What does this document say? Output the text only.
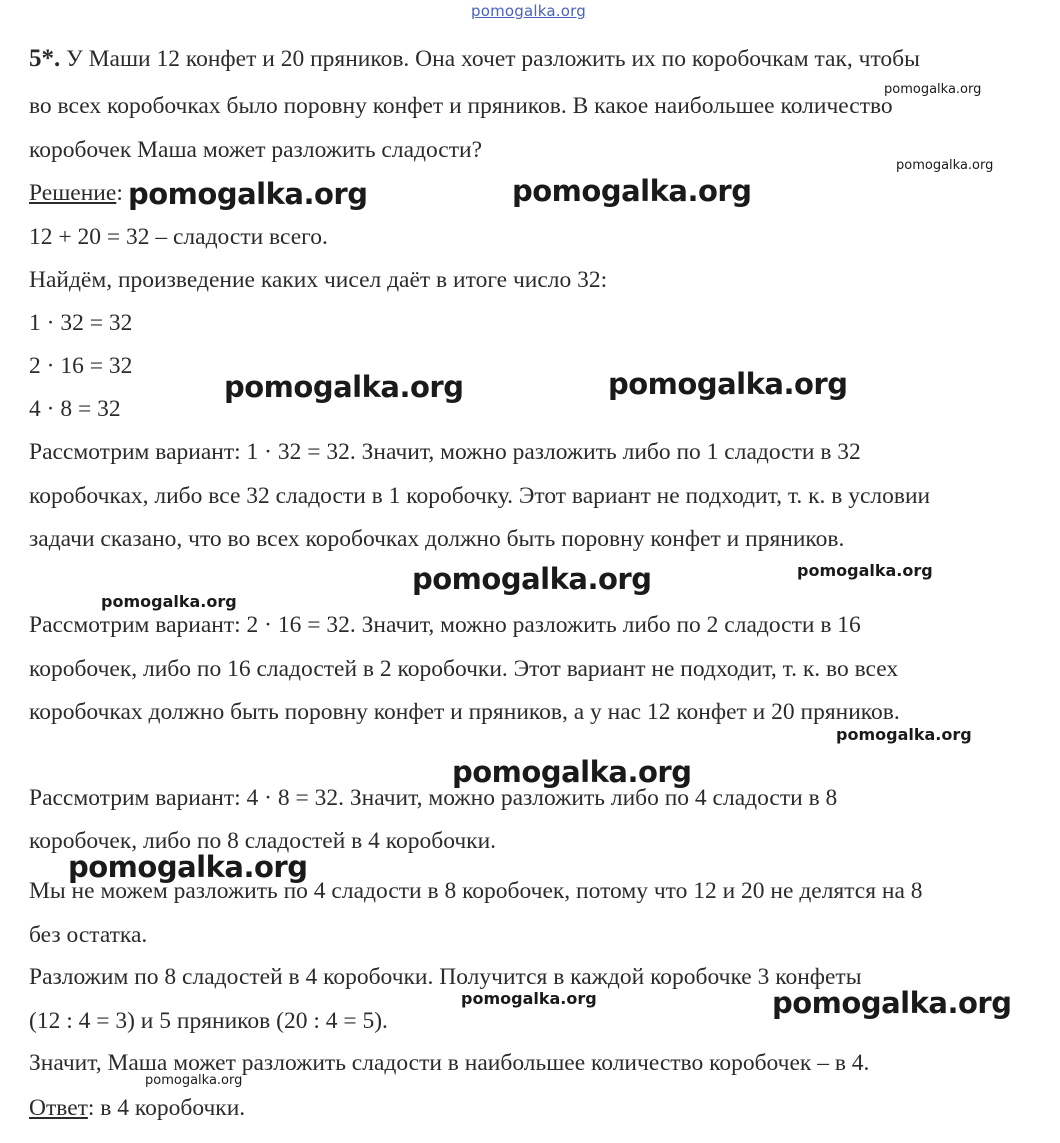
pomogalka.org

5*. У Маши 12 конфет и 20 пряников. Она хочет разложить их по коробочкам так, чтобы

во всех коробочках было поровну конфет и пряников. В какое наибольшее количество

коробочек Маша может разложить сладости?

Решение:

12 + 20 = 32 – сладости всего.

Найдём, произведение каких чисел даёт в итоге число 32:

1 · 32 = 32

2 · 16 = 32

4 · 8 = 32

Рассмотрим вариант: 1 · 32 = 32. Значит, можно разложить либо по 1 сладости в 32

коробочках, либо все 32 сладости в 1 коробочку. Этот вариант не подходит, т. к. в условии

задачи сказано, что во всех коробочках должно быть поровну конфет и пряников.

Рассмотрим вариант: 2 · 16 = 32. Значит, можно разложить либо по 2 сладости в 16

коробочек, либо по 16 сладостей в 2 коробочки. Этот вариант не подходит, т. к. во всех

коробочках должно быть поровну конфет и пряников, а у нас 12 конфет и 20 пряников.

Рассмотрим вариант: 4 · 8 = 32. Значит, можно разложить либо по 4 сладости в 8

коробочек, либо по 8 сладостей в 4 коробочки.

Мы не можем разложить по 4 сладости в 8 коробочек, потому что 12 и 20 не делятся на 8

без остатка.

Разложим по 8 сладостей в 4 коробочки. Получится в каждой коробочке 3 конфеты

(12 : 4 = 3) и 5 пряников (20 : 4 = 5).

Значит, Маша может разложить сладости в наибольшее количество коробочек – в 4.

Ответ: в 4 коробочки.

pomogalka.org
pomogalka.org
pomogalka.org	pomogalka.org
pomogalka.org	pomogalka.org
pomogalka.org	pomogalka.org
pomogalka.org
pomogalka.org
pomogalka.org
pomogalka.org
pomogalka.org	pomogalka.org
pomogalka.org
